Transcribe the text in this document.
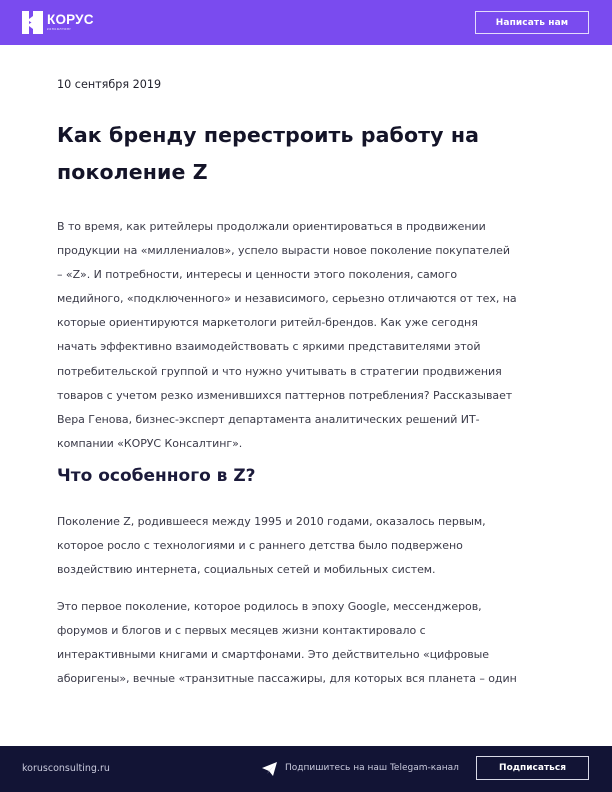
КОРУС
консалтинг
Написать нам
10 сентября 2019
Как бренду перестроить работу на
поколение Z

В то время, как ритейлеры продолжали ориентироваться в продвижении
продукции на «миллениалов», успело вырасти новое поколение покупателей
– «Z». И потребности, интересы и ценности этого поколения, самого
медийного, «подключенного» и независимого, серьезно отличаются от тех, на
которые ориентируются маркетологи ритейл-брендов. Как уже сегодня
начать эффективно взаимодействовать с яркими представителями этой
потребительской группой и что нужно учитывать в стратегии продвижения
товаров с учетом резко изменившихся паттернов потребления? Рассказывает
Вера Генова, бизнес-эксперт департамента аналитических решений ИТ-
компании «КОРУС Консалтинг».

Что особенного в Z?

Поколение Z, родившееся между 1995 и 2010 годами, оказалось первым,
которое росло с технологиями и с раннего детства было подвержено
воздействию интернета, социальных сетей и мобильных систем.

Это первое поколение, которое родилось в эпоху Google, мессенджеров,
форумов и блогов и с первых месяцев жизни контактировало с
интерактивными книгами и смартфонами. Это действительно «цифровые
аборигены», вечные «транзитные пассажиры, для которых вся планета – один

korusconsulting.ru	Подпишитесь на наш Telegam-канал	Подписаться
